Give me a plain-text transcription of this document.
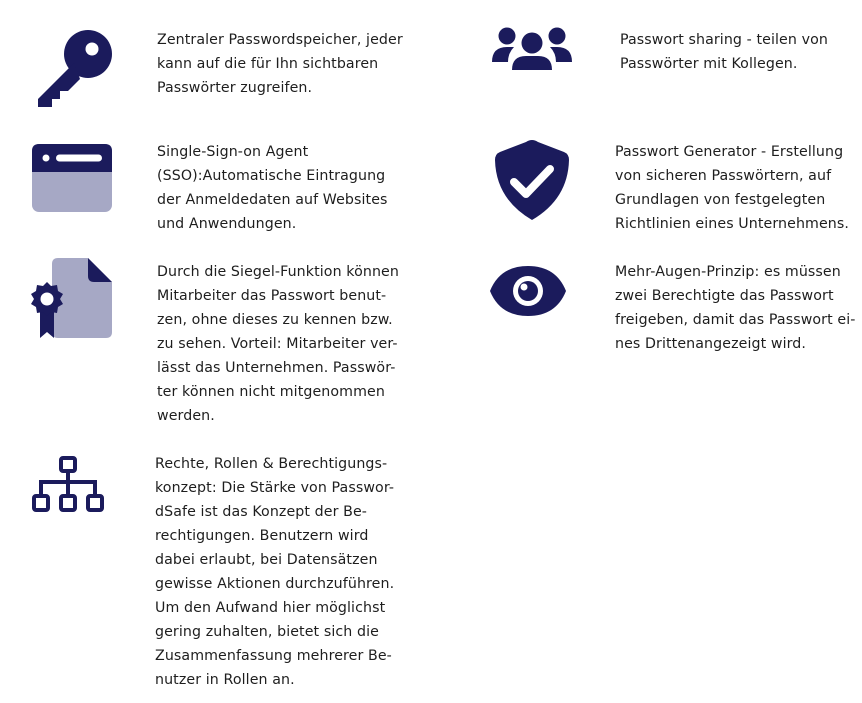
Zentraler Passwordspeicher, jeder
kann auf die für Ihn sichtbaren
Passwörter zugreifen.

Passwort sharing - teilen von
Passwörter mit Kollegen.

Single-Sign-on Agent
(SSO):Automatische Eintragung
der Anmeldedaten auf Websites
und Anwendungen.

Passwort Generator - Erstellung
von sicheren Passwörtern, auf
Grundlagen von festgelegten
Richtlinien eines Unternehmens.

Durch die Siegel-Funktion können
Mitarbeiter das Passwort benut-
zen, ohne dieses zu kennen bzw.
zu sehen. Vorteil: Mitarbeiter ver-
lässt das Unternehmen. Passwör-
ter können nicht mitgenommen
werden.

Mehr-Augen-Prinzip: es müssen
zwei Berechtigte das Passwort
freigeben, damit das Passwort ei-
nes Drittenangezeigt wird.

Rechte, Rollen & Berechtigungs-
konzept: Die Stärke von Passwor-
dSafe ist das Konzept der Be-
rechtigungen. Benutzern wird
dabei erlaubt, bei Datensätzen
gewisse Aktionen durchzuführen.
Um den Aufwand hier möglichst
gering zuhalten, bietet sich die
Zusammenfassung mehrerer Be-
nutzer in Rollen an.
